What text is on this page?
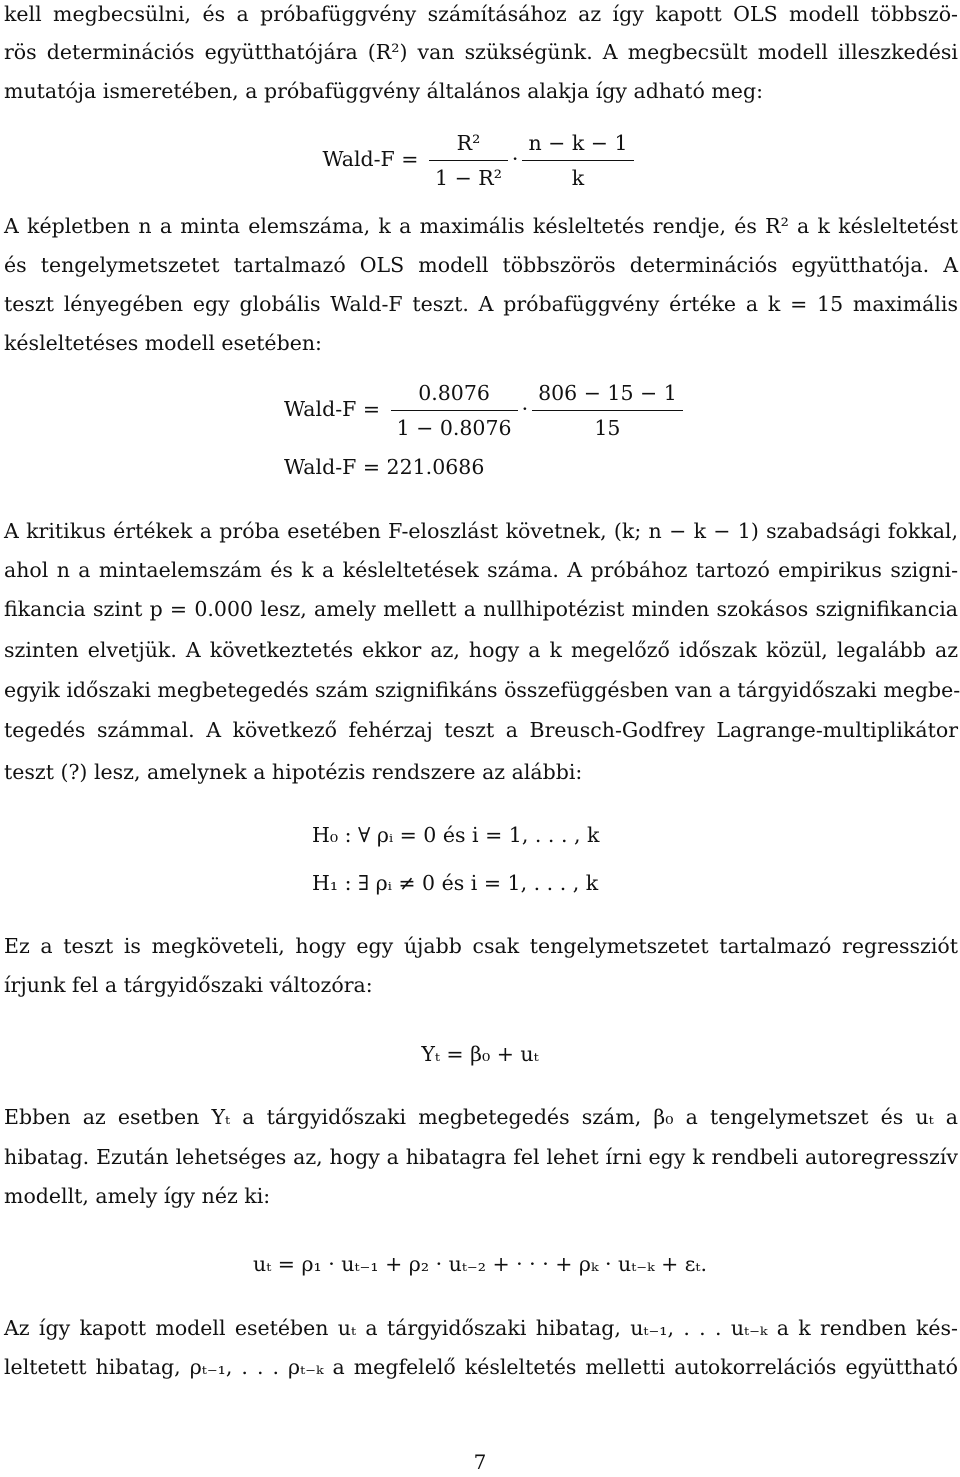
kell megbecsülni, és a próbafüggvény számításához az így kapott OLS modell többszö-
rös determinációs együtthatójára (R²) van szükségünk. A megbecsült modell illeszkedési
mutatója ismeretében, a próbafüggvény általános alakja így adható meg:
Wald-F = $\frac{\text{R²}}{\text{1 − R²}} \cdot \frac{n - k - 1}{k}$
A képletben n a minta elemszáma, k a maximális késleltetés rendje, és R² a k késleltetést
és tengelymetszetet tartalmazó OLS modell többszörös determinációs együtthatója. A
teszt lényegében egy globális Wald-F teszt. A próbafüggvény értéke a k = 15 maximális
késleltetéses modell esetében:
Wald-F = $\frac{0.8076}{1 - 0.8076} \cdot \frac{806 - 15 - 1}{15}$
Wald-F = 221.0686
A kritikus értékek a próba esetében F-eloszlást követnek, (k; n − k − 1) szabadsági fokkal,
ahol n a mintaelemszám és k a késleltetések száma. A próbához tartozó empirikus szigni-
fikancia szint p = 0.000 lesz, amely mellett a nullhipotézist minden szokásos szignifikancia
szinten elvetjük. A következtetés ekkor az, hogy a k megelőző időszak közül, legalább az
egyik időszaki megbetegedés szám szignifikáns összefüggésben van a tárgyidőszaki megbe-
tegedés számmal. A következő fehérzaj teszt a Breusch-Godfrey Lagrange-multiplikátor
teszt (?) lesz, amelynek a hipotézis rendszere az alábbi:
H₀ : ∀ ρᵢ = 0 és i = 1, . . . , k
H₁ : ∃ ρᵢ ≠ 0 és i = 1, . . . , k
Ez a teszt is megköveteli, hogy egy újabb csak tengelymetszetet tartalmazó regressziót
írjunk fel a tárgyidőszaki változóra:
Yₜ = β₀ + uₜ
Ebben az esetben Yₜ a tárgyidőszaki megbetegedés szám, β₀ a tengelymetszet és uₜ a
hibatag. Ezután lehetséges az, hogy a hibatagra fel lehet írni egy k rendbeli autoregresszív
modellt, amely így néz ki:
uₜ = ρ₁ · uₜ₋₁ + ρ₂ · uₜ₋₂ + · · · + ρₖ · uₜ₋ₖ + εₜ.
Az így kapott modell esetében uₜ a tárgyidőszaki hibatag, uₜ₋₁, . . . uₜ₋ₖ a k rendben kés-
leltetett hibatag, ρₜ₋₁, . . . ρₜ₋ₖ a megfelelő késleltetés melletti autokorrelációs együttható
7
